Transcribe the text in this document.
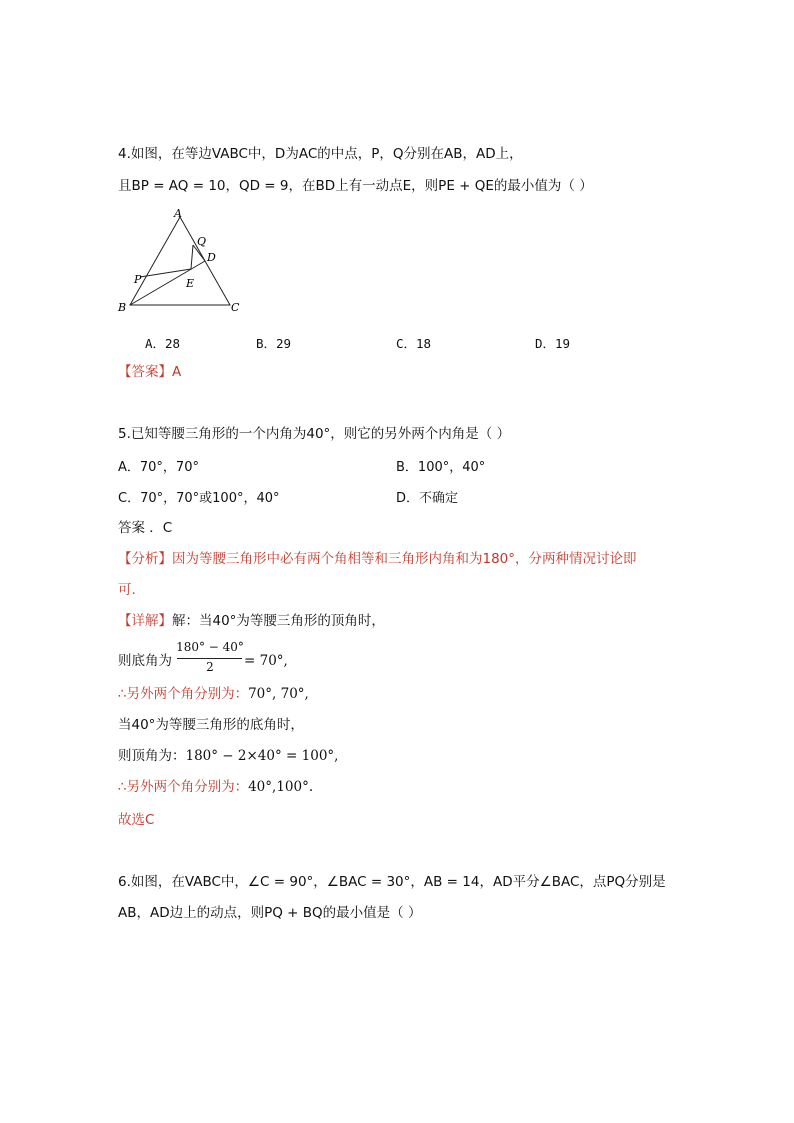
4.如图，在等边VABC中，D为AC的中点，P，Q分别在AB，AD上，
且BP = AQ = 10，QD = 9，在BD上有一动点E，则PE + QE的最小值为（ ）
A
Q
D
P	E
B	C
A．28	B．29	C．18	D．19
【答案】A
5.已知等腰三角形的一个内角为40°，则它的另外两个内角是（ ）
A．70°，70°	B．100°，40°
C．70°，70°或100°，40°	D．不确定
答案 ．C
【分析】因为等腰三角形中必有两个角相等和三角形内角和为180°，分两种情况讨论即
可.
【详解】解：当40°为等腰三角形的顶角时，
则底角为
180° − 40°
2	= 70°,
∴另外两个角分别为：70°, 70°,
当40°为等腰三角形的底角时，
则顶角为：180° − 2×40° = 100°,
∴另外两个角分别为：40°,100°.
故选C
6.如图，在VABC中，∠C = 90°，∠BAC = 30°，AB = 14，AD平分∠BAC，点PQ分别是
AB，AD边上的动点，则PQ + BQ的最小值是（ ）
